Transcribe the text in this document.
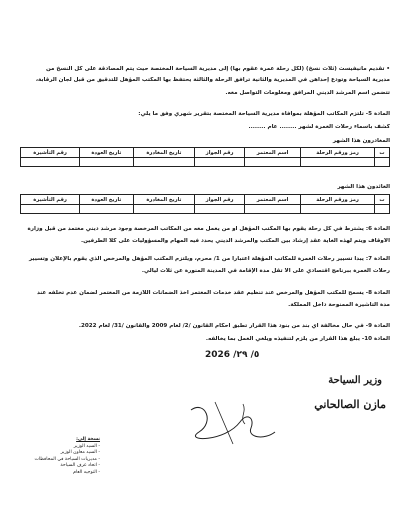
• تقديم مانيفيست (ثلاث نسخ) (لكل رحلة عمرة عقوم بها) إلى مديرية السياحة المختصة حيث يتم المصادقة على كل النسخ من
مديرية السياحة وتودع إحداهن في المديرية والثانية ترافق الرحلة والثالثة يحتفظ بها المكتب المؤهل للتدقيق من قبل لجان الرقابة،
تتضمن اسم المرشد الديني المرافق ومعلومات التواصل معه.
المادة 5- تلتزم المكاتب المؤهلة بموافاة مديرية السياحة المختصة بتقرير شهري وفق ما يلي:
كشف بأسماء رحلات العمرة لشهر ........ عام ........
المغادرون هذا الشهر
ت	رمز ورقم الرحلة	اسم المعتمر	رقم الجواز	تاريخ المغادرة	تاريخ العودة	رقم التأشيرة

العائدون هذا الشهر
ت	رمز ورقم الرحلة	اسم المعتمر	رقم الجواز	تاريخ المغادرة	تاريخ العودة	رقم التأشيرة

المادة 6: يشترط في كل رحلة يقوم بها المكتب المؤهل أو من يعمل معه من المكاتب المرخصة وجود مرشد ديني معتمد من قبل وزارة
الأوقاف ويتم لهذه الغاية عقد إرشاد بين المكتب والمرشد الديني يحدد فيه المهام والمسؤوليات على كلا الطرفين.
المادة 7: يبدأ تسيير رحلات العمرة للمكاتب المؤهلة اعتباراً من 1/ محرم، ويلتزم المكتب المؤهل والمرخص الذي يقوم بالإعلان وتسيير
رحلات العمرة ببرنامج اقتصادي على ألا تقل مدة الإقامة في المدينة المنورة عن ثلاث ليالي.
المادة 8- يسمح للمكتب المؤهل والمرخص عند تنظيم عقد خدمات المعتمر أخذ الضمانات اللازمة من المعتمر لضمان عدم تخلفه عند
مدة التأشيرة الممنوحة داخل المملكة.
المادة 9- في حال مخالفة أي بند من بنود هذا القرار تطبق أحكام القانون /2/ لعام 2009 والقانون /31/ لعام 2022.
المادة 10- يبلغ هذا القرار من يلزم لتنفيذه ويلغي العمل بما يخالفه.
2026 /٥/ ٢٩
وزير السياحة
مازن الصالحاني
نسخة إلى:
- السيد الوزير
- السيد معاون الوزير
- مديريات السياحة في المحافظات
- اتحاد غرف السياحة
- التوجيه العام
